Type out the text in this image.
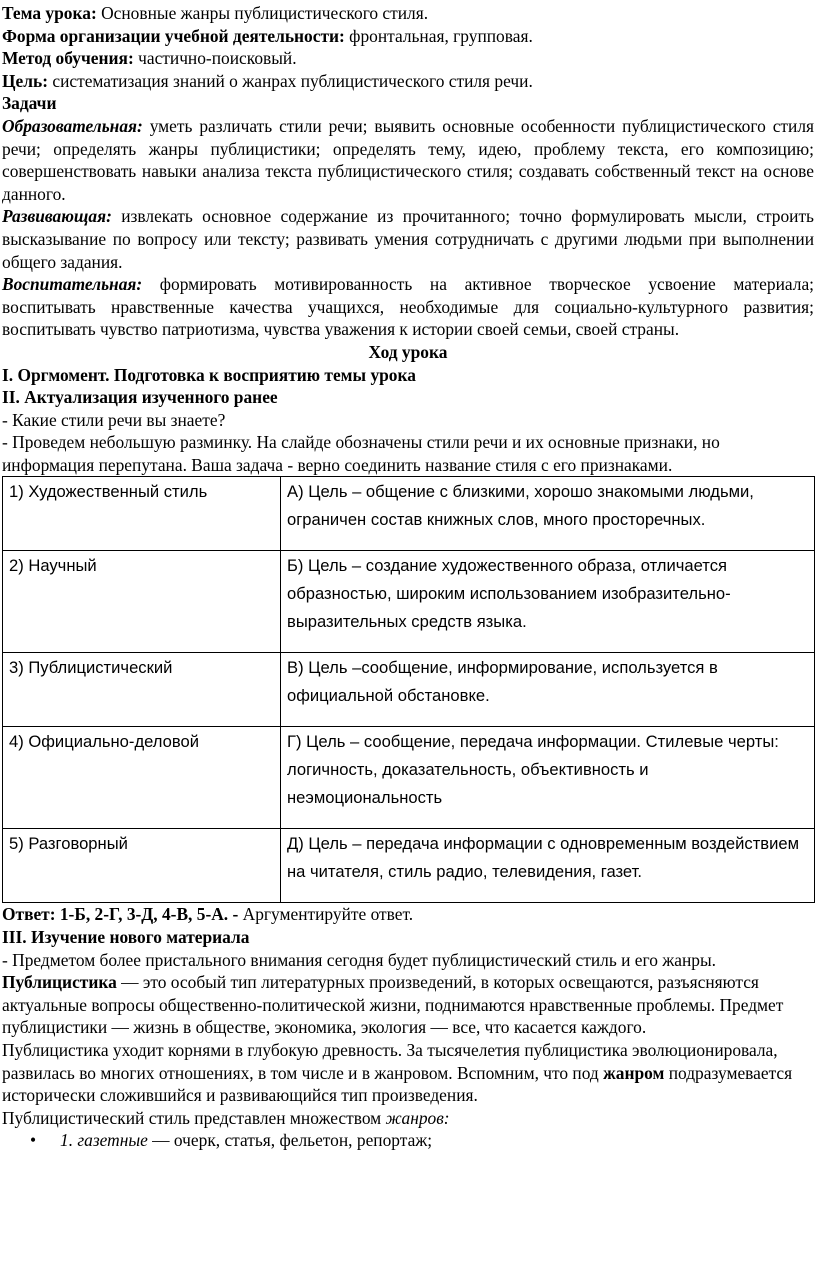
Тема урока: Основные жанры публицистического стиля.

Форма организации учебной деятельности: фронтальная, групповая.

Метод обучения: частично-поисковый.

Цель: систематизация знаний о жанрах публицистического стиля речи.

Задачи

Образовательная: уметь различать стили речи; выявить основные особенности публицистического стиля речи; определять жанры публицистики; определять тему, идею, проблему текста, его композицию; совершенствовать навыки анализа текста публицистического стиля; создавать собственный текст на основе данного.

Развивающая: извлекать основное содержание из прочитанного; точно формулировать мысли, строить высказывание по вопросу или тексту; развивать умения сотрудничать с другими людьми при выполнении общего задания.

Воспитательная: формировать мотивированность на активное творческое усвоение материала; воспитывать нравственные качества учащихся, необходимые для социально-культурного развития; воспитывать чувство патриотизма, чувства уважения к истории своей семьи, своей страны.

Ход урока

I. Оргмомент. Подготовка к восприятию темы урока

II. Актуализация изученного ранее

- Какие стили речи вы знаете?

- Проведем небольшую разминку. На слайде обозначены стили речи и их основные признаки, но информация перепутана. Ваша задача - верно соединить название стиля с его признаками.

1) Художественный стиль	А) Цель – общение с близкими, хорошо знакомыми людьми, ограничен состав книжных слов, много просторечных.
2) Научный	Б) Цель – создание художественного образа, отличается образностью, широким использованием изобразительно-выразительных средств языка.
3) Публицистический	В) Цель –сообщение, информирование, используется в официальной обстановке.
4) Официально-деловой	Г) Цель – сообщение, передача информации. Стилевые черты: логичность, доказательность, объективность и неэмоциональность
5) Разговорный	Д) Цель – передача информации с одновременным воздействием на читателя, стиль радио, телевидения, газет.

Ответ: 1-Б, 2-Г, 3-Д, 4-В, 5-А. - Аргументируйте ответ.

III. Изучение нового материала

- Предметом более пристального внимания сегодня будет публицистический стиль и его жанры. Публицистика — это особый тип литературных произведений, в которых освещаются, разъясняются актуальные вопросы общественно-политической жизни, поднимаются нравственные проблемы. Предмет публицистики — жизнь в обществе, экономика, экология — все, что касается каждого.

Публицистика уходит корнями в глубокую древность. За тысячелетия публицистика эволюционировала, развилась во многих отношениях, в том числе и в жанровом. Вспомним, что под жанром подразумевается исторически сложившийся и развивающийся тип произведения.

Публицистический стиль представлен множеством жанров:

•	1. газетные — очерк, статья, фельетон, репортаж;
